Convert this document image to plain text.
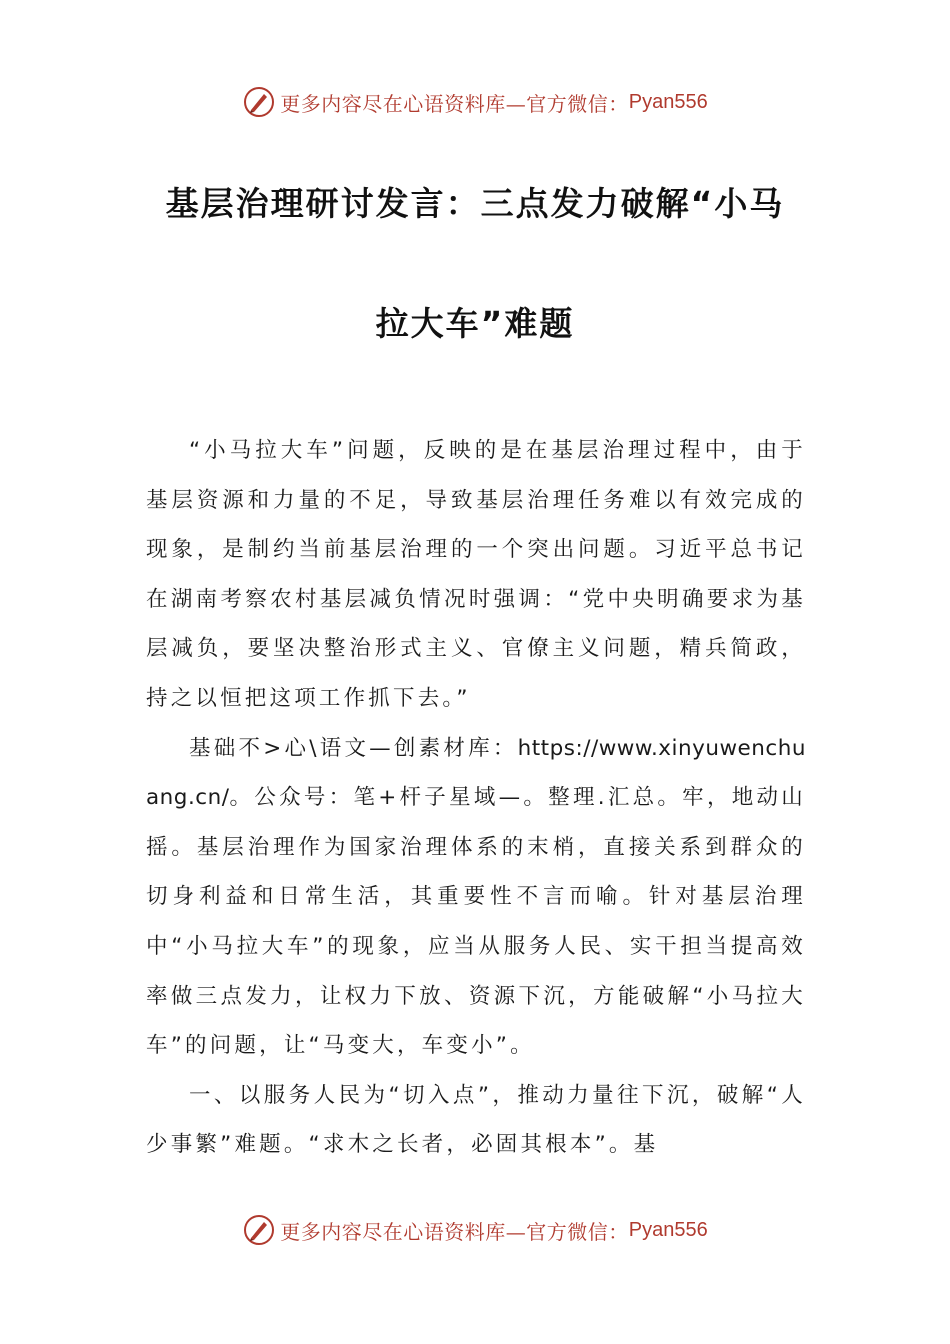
更多内容尽在心语资料库—官方微信： Pyan556
基层治理研讨发言：三点发力破解“小马
拉大车”难题

“小马拉大车”问题，反映的是在基层治理过程中，由于基层资源和力量的不足，导致基层治理任务难以有效完成的现象，是制约当前基层治理的一个突出问题。习近平总书记在湖南考察农村基层减负情况时强调：“党中央明确要求为基层减负，要坚决整治形式主义、官僚主义问题，精兵简政，持之以恒把这项工作抓下去。”

基础不>心\语文—创素材库：https://www.xinyuwenchuang.cn/。公众号：笔+杆子星域—。整理.汇总。牢，地动山摇。基层治理作为国家治理体系的末梢，直接关系到群众的切身利益和日常生活，其重要性不言而喻。针对基层治理中“小马拉大车”的现象，应当从服务人民、实干担当提高效率做三点发力，让权力下放、资源下沉，方能破解“小马拉大车”的问题，让“马变大，车变小”。

一、以服务人民为“切入点”，推动力量往下沉，破解“人少事繁”难题。“求木之长者，必固其根本”。基

更多内容尽在心语资料库—官方微信： Pyan556
